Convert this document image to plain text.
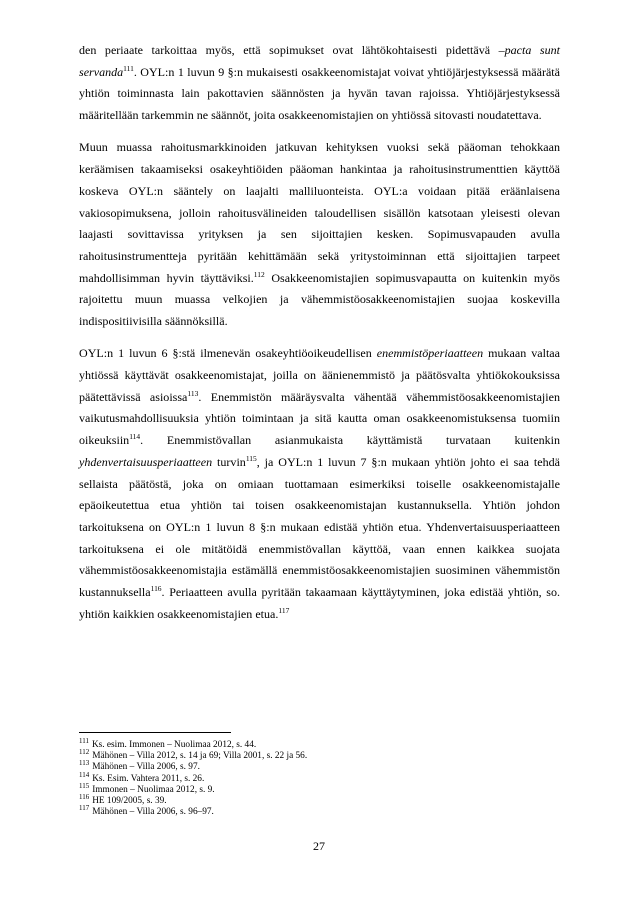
den periaate tarkoittaa myös, että sopimukset ovat lähtökohtaisesti pidettävä –pacta sunt servanda$^{111}$. OYL:n 1 luvun 9 §:n mukaisesti osakkeenomistajat voivat yhtiöjärjestyksessä määrätä yhtiön toiminnasta lain pakottavien säännösten ja hyvän tavan rajoissa. Yhtiöjärjestyksessä määritellään tarkemmin ne säännöt, joita osakkeenomistajien on yhtiössä sitovasti noudatettava.

Muun muassa rahoitusmarkkinoiden jatkuvan kehityksen vuoksi sekä pääoman tehokkaan keräämisen takaamiseksi osakeyhtiöiden pääoman hankintaa ja rahoitusinstrumenttien käyttöä koskeva OYL:n sääntely on laajalti malliluonteista. OYL:a voidaan pitää eräänlaisena vakiosopimuksena, jolloin rahoitusvälineiden taloudellisen sisällön katsotaan yleisesti olevan laajasti sovittavissa yrityksen ja sen sijoittajien kesken. Sopimusvapauden avulla rahoitusinstrumentteja pyritään kehittämään sekä yritystoiminnan että sijoittajien tarpeet mahdollisimman hyvin täyttäviksi.$^{112}$ Osakkeenomistajien sopimusvapautta on kuitenkin myös rajoitettu muun muassa velkojien ja vähemmistöosakkeenomistajien suojaa koskevilla indispositiivisilla säännöksillä.

OYL:n 1 luvun 6 §:stä ilmenevän osakeyhtiöoikeudellisen enemmistöperiaatteen mukaan valtaa yhtiössä käyttävät osakkeenomistajat, joilla on äänienemmistö ja päätösvalta yhtiökokouksissa päätettävissä asioissa$^{113}$. Enemmistön määräysvalta vähentää vähemmistöosakkeenomistajien vaikutusmahdollisuuksia yhtiön toimintaan ja sitä kautta oman osakkeenomistuksensa tuomiin oikeuksiin$^{114}$. Enemmistövallan asianmukaista käyttämistä turvataan kuitenkin yhdenvertaisuusperiaatteen turvin$^{115}$, ja OYL:n 1 luvun 7 §:n mukaan yhtiön johto ei saa tehdä sellaista päätöstä, joka on omiaan tuottamaan esimerkiksi toiselle osakkeenomistajalle epäoikeutettua etua yhtiön tai toisen osakkeenomistajan kustannuksella. Yhtiön johdon tarkoituksena on OYL:n 1 luvun 8 §:n mukaan edistää yhtiön etua. Yhdenvertaisuusperiaatteen tarkoituksena ei ole mitätöidä enemmistövallan käyttöä, vaan ennen kaikkea suojata vähemmistöosakkeenomistajia estämällä enemmistöosakkeenomistajien suosiminen vähemmistön kustannuksella$^{116}$. Periaatteen avulla pyritään takaamaan käyttäytyminen, joka edistää yhtiön, so. yhtiön kaikkien osakkeenomistajien etua.$^{117}$

$^{111}$ Ks. esim. Immonen – Nuolimaa 2012, s. 44.

$^{112}$ Mähönen – Villa 2012, s. 14 ja 69; Villa 2001, s. 22 ja 56.

$^{113}$ Mähönen – Villa 2006, s. 97.

$^{114}$ Ks. Esim. Vahtera 2011, s. 26.

$^{115}$ Immonen – Nuolimaa 2012, s. 9.

$^{116}$ HE 109/2005, s. 39.

$^{117}$ Mähönen – Villa 2006, s. 96–97.

27
